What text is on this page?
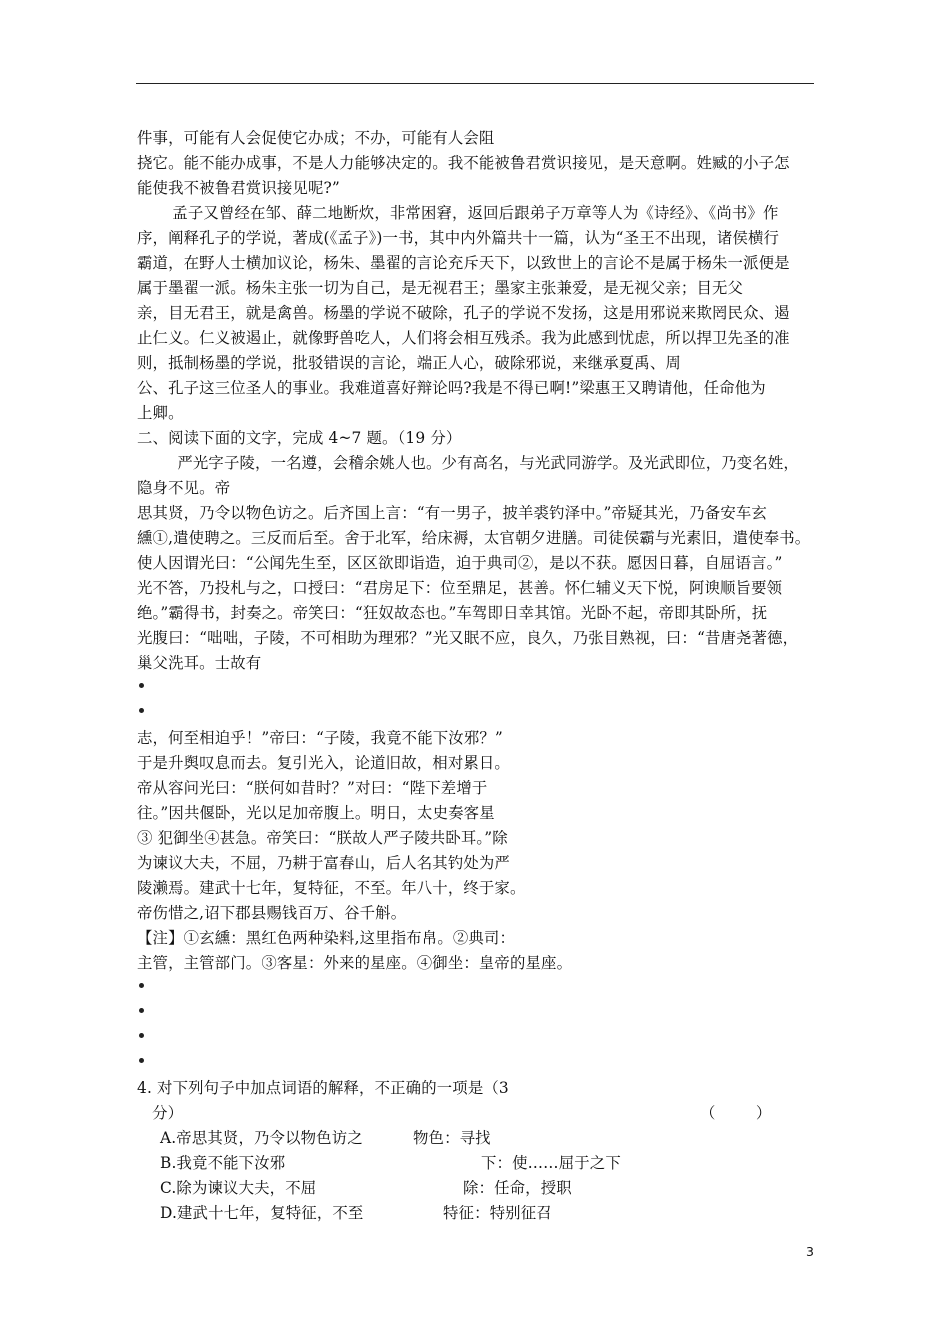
件事，可能有人会促使它办成；不办，可能有人会阻
挠它。能不能办成事，不是人力能够决定的。我不能被鲁君赏识接见，是天意啊。姓臧的小子怎
能使我不被鲁君赏识接见呢?”
孟子又曾经在邹、薛二地断炊，非常困窘，返回后跟弟子万章等人为《诗经》、《尚书》作
序，阐释孔子的学说，著成(《孟子》)一书，其中内外篇共十一篇，认为“圣王不出现，诸侯横行
霸道，在野人士横加议论，杨朱、墨翟的言论充斥天下，以致世上的言论不是属于杨朱一派便是
属于墨翟一派。杨朱主张一切为自己，是无视君王；墨家主张兼爱，是无视父亲；目无父
亲，目无君王，就是禽兽。杨墨的学说不破除，孔子的学说不发扬，这是用邪说来欺罔民众、遏
止仁义。仁义被遏止，就像野兽吃人，人们将会相互残杀。我为此感到忧虑，所以捍卫先圣的准
则，抵制杨墨的学说，批驳错误的言论，端正人心，破除邪说，来继承夏禹、周
公、孔子这三位圣人的事业。我难道喜好辩论吗?我是不得已啊!”梁惠王又聘请他，任命他为
上卿。
二、阅读下面的文字，完成 4~7 题。（19 分）
严光字子陵，一名遵，会稽余姚人也。少有高名，与光武同游学。及光武即位，乃变名姓，
隐身不见。帝
思其贤，乃令以物色访之。后齐国上言：“有一男子，披羊裘钓泽中。”帝疑其光，乃备安车玄
纁①,遣使聘之。三反而后至。舍于北军，给床褥，太官朝夕进膳。司徒侯霸与光素旧，遣使奉书。
使人因谓光曰：“公闻先生至，区区欲即诣造，迫于典司②，是以不获。愿因日暮，自屈语言。”
光不答，乃投札与之，口授曰：“君房足下：位至鼎足，甚善。怀仁辅义天下悦，阿谀顺旨要领
绝。”霸得书，封奏之。帝笑曰：“狂奴故态也。”车驾即日幸其馆。光卧不起，帝即其卧所，抚
光腹曰：“咄咄，子陵，不可相助为理邪？”光又眠不应，良久，乃张目熟视，曰：“昔唐尧著德，
巢父洗耳。士故有
志，何至相迫乎！”帝曰：“子陵，我竟不能下汝邪？”
于是升舆叹息而去。复引光入，论道旧故，相对累日。
帝从容问光曰：“朕何如昔时？”对曰：“陛下差增于
往。”因共偃卧，光以足加帝腹上。明日，太史奏客星
③ 犯御坐④甚急。帝笑曰：“朕故人严子陵共卧耳。”除
为谏议大夫，不屈，乃耕于富春山，后人名其钓处为严
陵濑焉。建武十七年，复特征，不至。年八十，终于家。
帝伤惜之,诏下郡县赐钱百万、谷千斛。
【注】①玄纁：黑红色两种染料,这里指布帛。②典司：
主管，主管部门。③客星：外来的星座。④御坐：皇帝的星座。
4. 对下列句子中加点词语的解释，不正确的一项是（3
分）	（        ）
A.帝思其贤，乃令以物色访之	物色：寻找
B.我竟不能下汝邪	下：使……屈于之下
C.除为谏议大夫，不屈	除：任命，授职
D.建武十七年，复特征，不至	特征：特别征召
3
